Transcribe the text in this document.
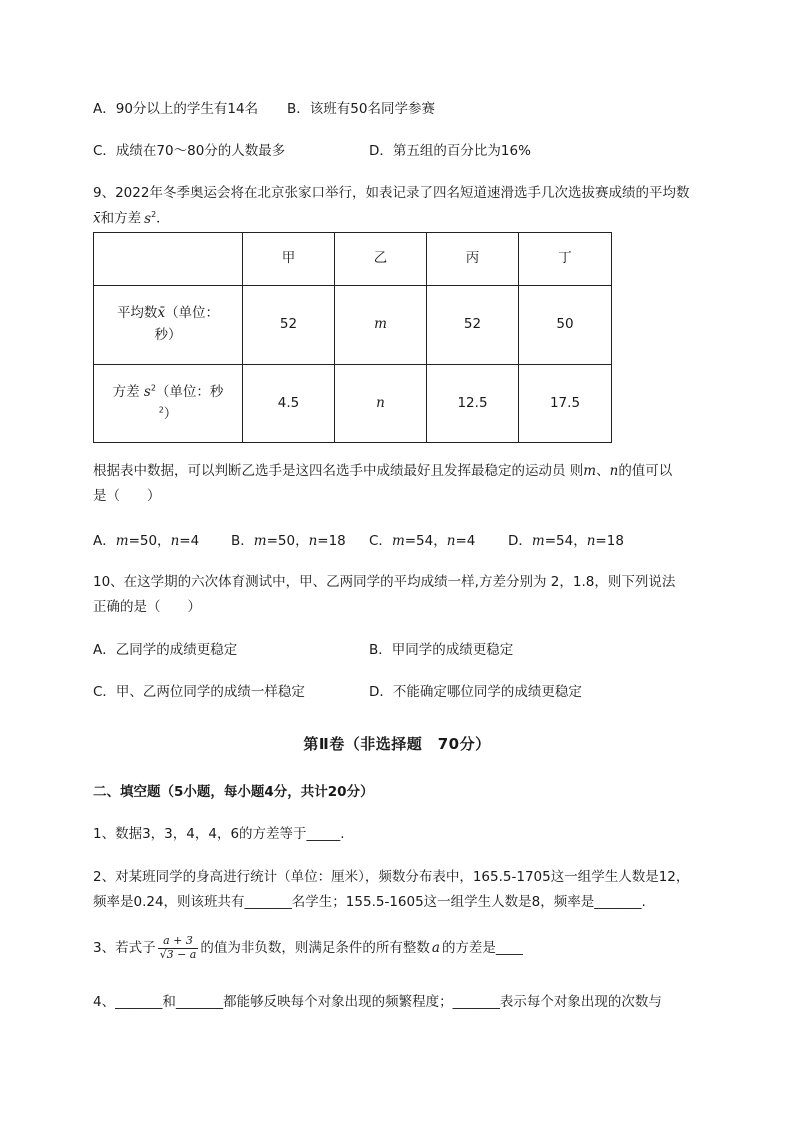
A．90分以上的学生有14名 B．该班有50名同学参赛
C．成绩在70～80分的人数最多	D．第五组的百分比为16%
9、2022年冬季奥运会将在北京张家口举行，如表记录了四名短道速滑选手几次选拔赛成绩的平均数
x̄和方差 $s^2$．
	甲	乙	丙	丁
平均数x̄（单位：
秒）	52	m	52	50
方差 $s^2$（单位：秒
$^2$）	4.5	n	12.5	17.5
根据表中数据，可以判断乙选手是这四名选手中成绩最好且发挥最稳定的运动员 则m、n的值可以
是（　　）
A．m=50，n=4 B．m=50，n=18 C．m=54，n=4 D．m=54，n=18
10、在这学期的六次体育测试中，甲、乙两同学的平均成绩一样,方差分别为 2，1.8，则下列说法
正确的是（　　）
A．乙同学的成绩更稳定	B．甲同学的成绩更稳定
C．甲、乙两位同学的成绩一样稳定	D．不能确定哪位同学的成绩更稳定
第Ⅱ卷（非选择题　70分）
二、填空题（5小题，每小题4分，共计20分）
1、数据3，3，4，4，6的方差等于_____.
2、对某班同学的身高进行统计（单位：厘米），频数分布表中，165.5-1705这一组学生人数是12，
频率是0.24，则该班共有_______名学生；155.5-1605这一组学生人数是8，频率是_______.
3、若式子 $\frac{a + 3}{√3 - a}$ 的值为非负数，则满足条件的所有整数 a 的方差是____
4、_______和_______都能够反映每个对象出现的频繁程度；_______表示每个对象出现的次数与
